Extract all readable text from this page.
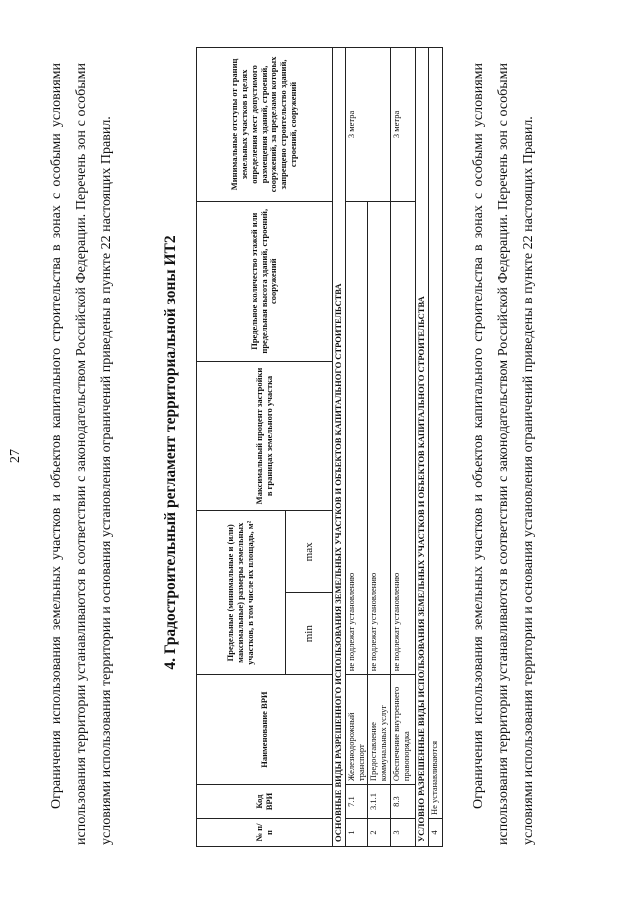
27	Ограничения использования земельных участков и объектов капитального строительства в зонах с особыми условиями использования территории устанавливаются в соответствии с законодательством Российской Федерации. Перечень зон с особыми условиями использования территории и основания установления ограничений приведены в пункте 22 настоящих Правил.	4. Градостроительный регламент территориальной зоны ИТ2
№ п/п	Код ВРИ	Наименование ВРИ	Предельные (минимальные и (или) максимальные) размеры земельных участков, в том числе их площадь, м²		Максимальный процент застройки в границах земельного участка	Предельное количество этажей или предельная высота зданий, строений, сооружений	Минимальные отступы от границ земельных участков в целях определения мест допустимого размещения зданий, строений, сооружений, за пределами которых запрещено строительство зданий, строений, сооружений
			min	max			
ОСНОВНЫЕ ВИДЫ РАЗРЕШЕННОГО ИСПОЛЬЗОВАНИЯ ЗЕМЕЛЬНЫХ УЧАСТКОВ И ОБЪЕКТОВ КАПИТАЛЬНОГО СТРОИТЕЛЬСТВА							
1	7.1	Железнодорожный транспорт	не подлежат установлению				3 метра
2	3.1.1	Предоставление коммунальных услуг	не подлежат установлению				
3	8.3	Обеспечение внутреннего правопорядка	не подлежат установлению				3 метра
УСЛОВНО РАЗРЕШЕННЫЕ ВИДЫ ИСПОЛЬЗОВАНИЯ ЗЕМЕЛЬНЫХ УЧАСТКОВ И ОБЪЕКТОВ КАПИТАЛЬНОГО СТРОИТЕЛЬСТВА							
4	Не устанавливаются							Ограничения использования земельных участков и объектов капитального строительства в зонах с особыми условиями использования территории устанавливаются в соответствии с законодательством Российской Федерации. Перечень зон с особыми условиями использования территории и основания установления ограничений приведены в пункте 22 настоящих Правил.
